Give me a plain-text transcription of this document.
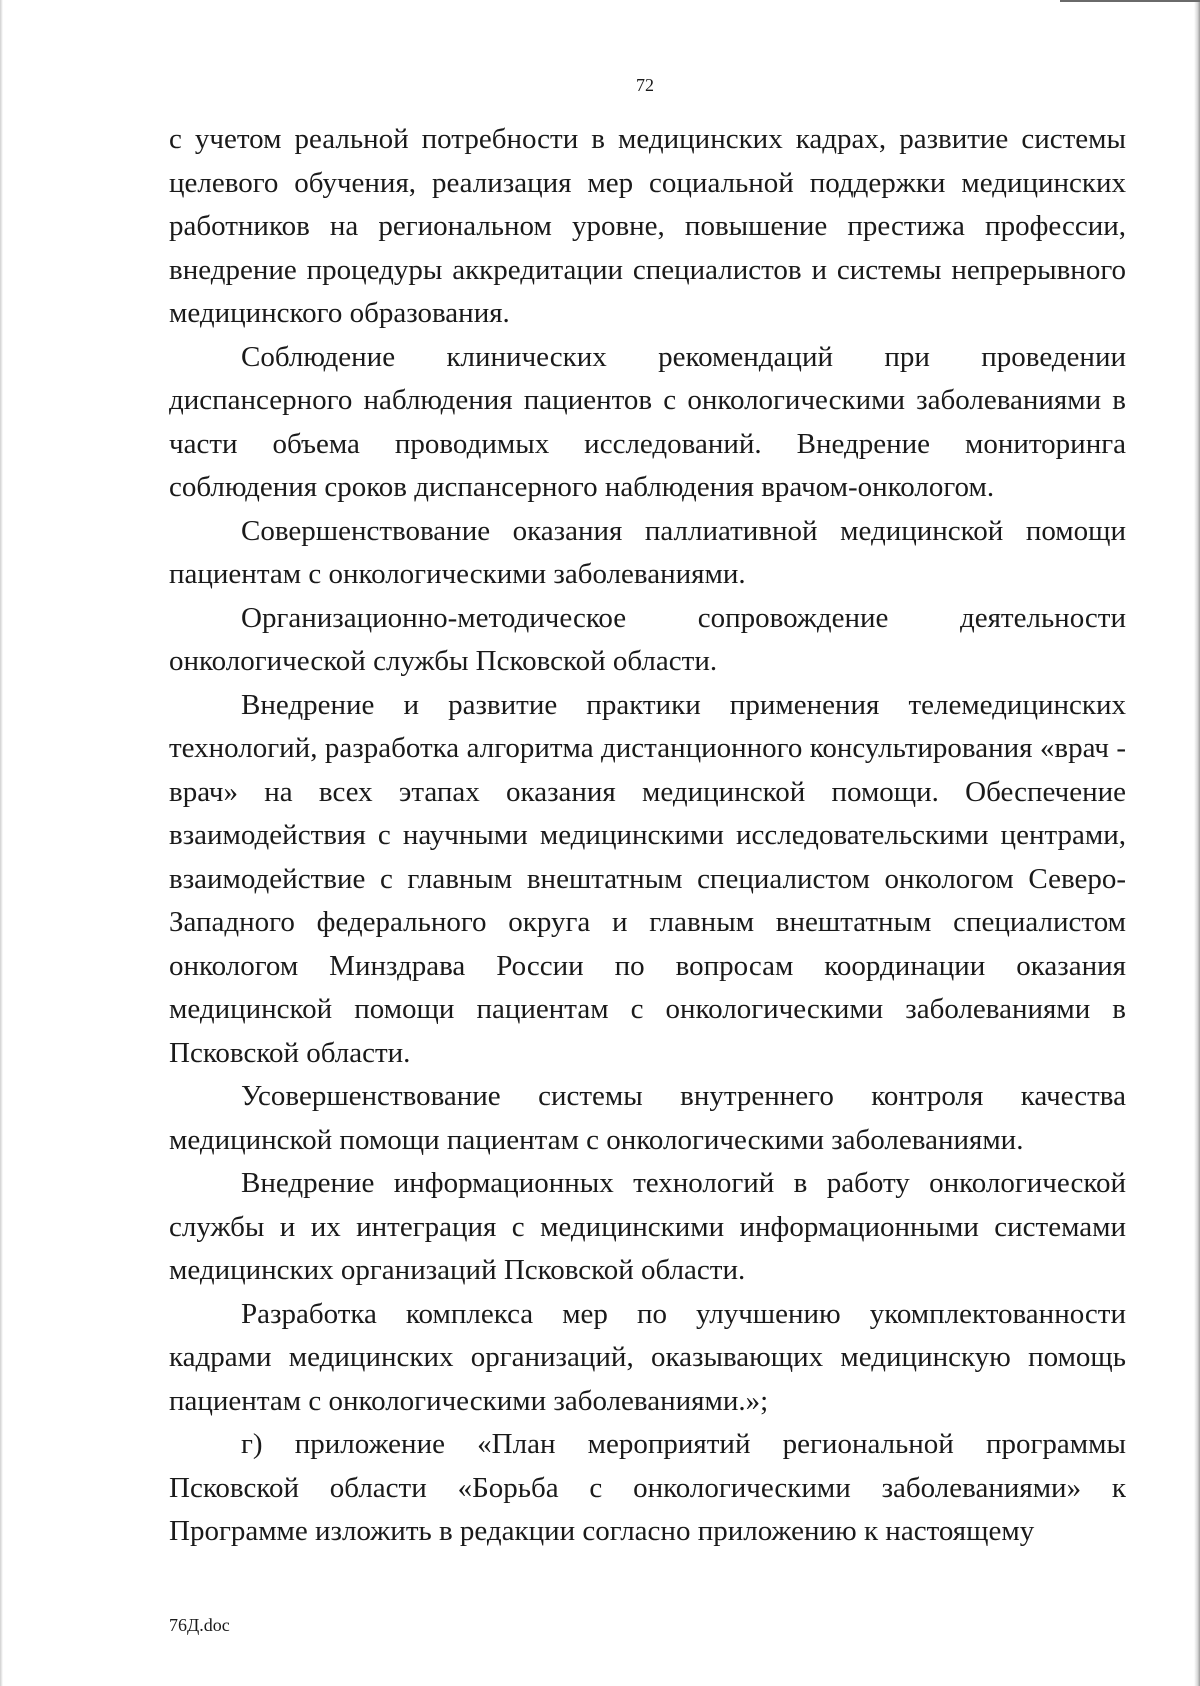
72

с учетом реальной потребности в медицинских кадрах, развитие системы целевого обучения, реализация мер социальной поддержки медицинских работников на региональном уровне, повышение престижа профессии, внедрение процедуры аккредитации специалистов и системы непрерывного медицинского образования.

Соблюдение клинических рекомендаций при проведении диспансерного наблюдения пациентов с онкологическими заболеваниями в части объема проводимых исследований. Внедрение мониторинга соблюдения сроков диспансерного наблюдения врачом-онкологом.

Совершенствование оказания паллиативной медицинской помощи пациентам с онкологическими заболеваниями.

Организационно-методическое сопровождение деятельности онкологической службы Псковской области.

Внедрение и развитие практики применения телемедицинских технологий, разработка алгоритма дистанционного консультирования «врач - врач» на всех этапах оказания медицинской помощи. Обеспечение взаимодействия с научными медицинскими исследовательскими центрами, взаимодействие с главным внештатным специалистом онкологом Северо-Западного федерального округа и главным внештатным специалистом онкологом Минздрава России по вопросам координации оказания медицинской помощи пациентам с онкологическими заболеваниями в Псковской области.

Усовершенствование системы внутреннего контроля качества медицинской помощи пациентам с онкологическими заболеваниями.

Внедрение информационных технологий в работу онкологической службы и их интеграция с медицинскими информационными системами медицинских организаций Псковской области.

Разработка комплекса мер по улучшению укомплектованности кадрами медицинских организаций, оказывающих медицинскую помощь пациентам с онкологическими заболеваниями.»;

г) приложение «План мероприятий региональной программы Псковской области «Борьба с онкологическими заболеваниями» к Программе изложить в редакции согласно приложению к настоящему

76Д.doc
